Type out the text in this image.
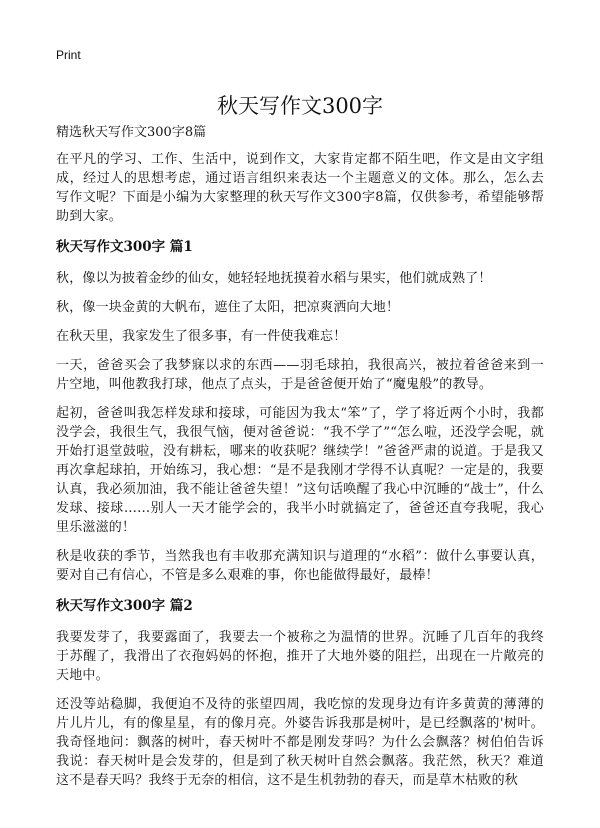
Print
秋天写作文300字
精选秋天写作文300字8篇

在平凡的学习、工作、生活中，说到作文，大家肯定都不陌生吧，作文是由文字组成，经过人的思想考虑，通过语言组织来表达一个主题意义的文体。那么，怎么去写作文呢？下面是小编为大家整理的秋天写作文300字8篇，仅供参考，希望能够帮助到大家。

秋天写作文300字 篇1

秋，像以为披着金纱的仙女，她轻轻地抚摸着水稻与果实，他们就成熟了！

秋，像一块金黄的大帆布，遮住了太阳，把凉爽洒向大地！

在秋天里，我家发生了很多事，有一件使我难忘！

一天，爸爸买会了我梦寐以求的东西——羽毛球拍，我很高兴，被拉着爸爸来到一片空地，叫他教我打球，他点了点头，于是爸爸便开始了“魔鬼般”的教导。

起初，爸爸叫我怎样发球和接球，可能因为我太“笨”了，学了将近两个小时，我都没学会，我很生气，我很气恼，便对爸爸说：“我不学了”“怎么啦，还没学会呢，就开始打退堂鼓啦，没有耕耘，哪来的收获呢？继续学！”爸爸严肃的说道。于是我又再次拿起球拍，开始练习，我心想：“是不是我刚才学得不认真呢？一定是的，我要认真，我必须加油，我不能让爸爸失望！”这句话唤醒了我心中沉睡的“战士”，什么发球、接球……别人一天才能学会的，我半小时就搞定了，爸爸还直夸我呢，我心里乐滋滋的！

秋是收获的季节，当然我也有丰收那充满知识与道理的“水稻”：做什么事要认真，要对自己有信心，不管是多么艰难的事，你也能做得最好，最棒！

秋天写作文300字 篇2

我要发芽了，我要露面了，我要去一个被称之为温情的世界。沉睡了几百年的我终于苏醒了，我滑出了衣孢妈妈的怀抱，推开了大地外婆的阻拦，出现在一片敞亮的天地中。

还没等站稳脚，我便迫不及待的张望四周，我吃惊的发现身边有许多黄黄的薄薄的片儿片儿，有的像星星，有的像月亮。外婆告诉我那是树叶，是已经飘落的'树叶。我奇怪地问：飘落的树叶，春天树叶不都是刚发芽吗？为什么会飘落？树伯伯告诉我说：春天树叶是会发芽的，但是到了秋天树叶自然会飘落。我茫然，秋天？难道这不是春天吗？我终于无奈的相信，这不是生机勃勃的春天，而是草木枯败的秋
